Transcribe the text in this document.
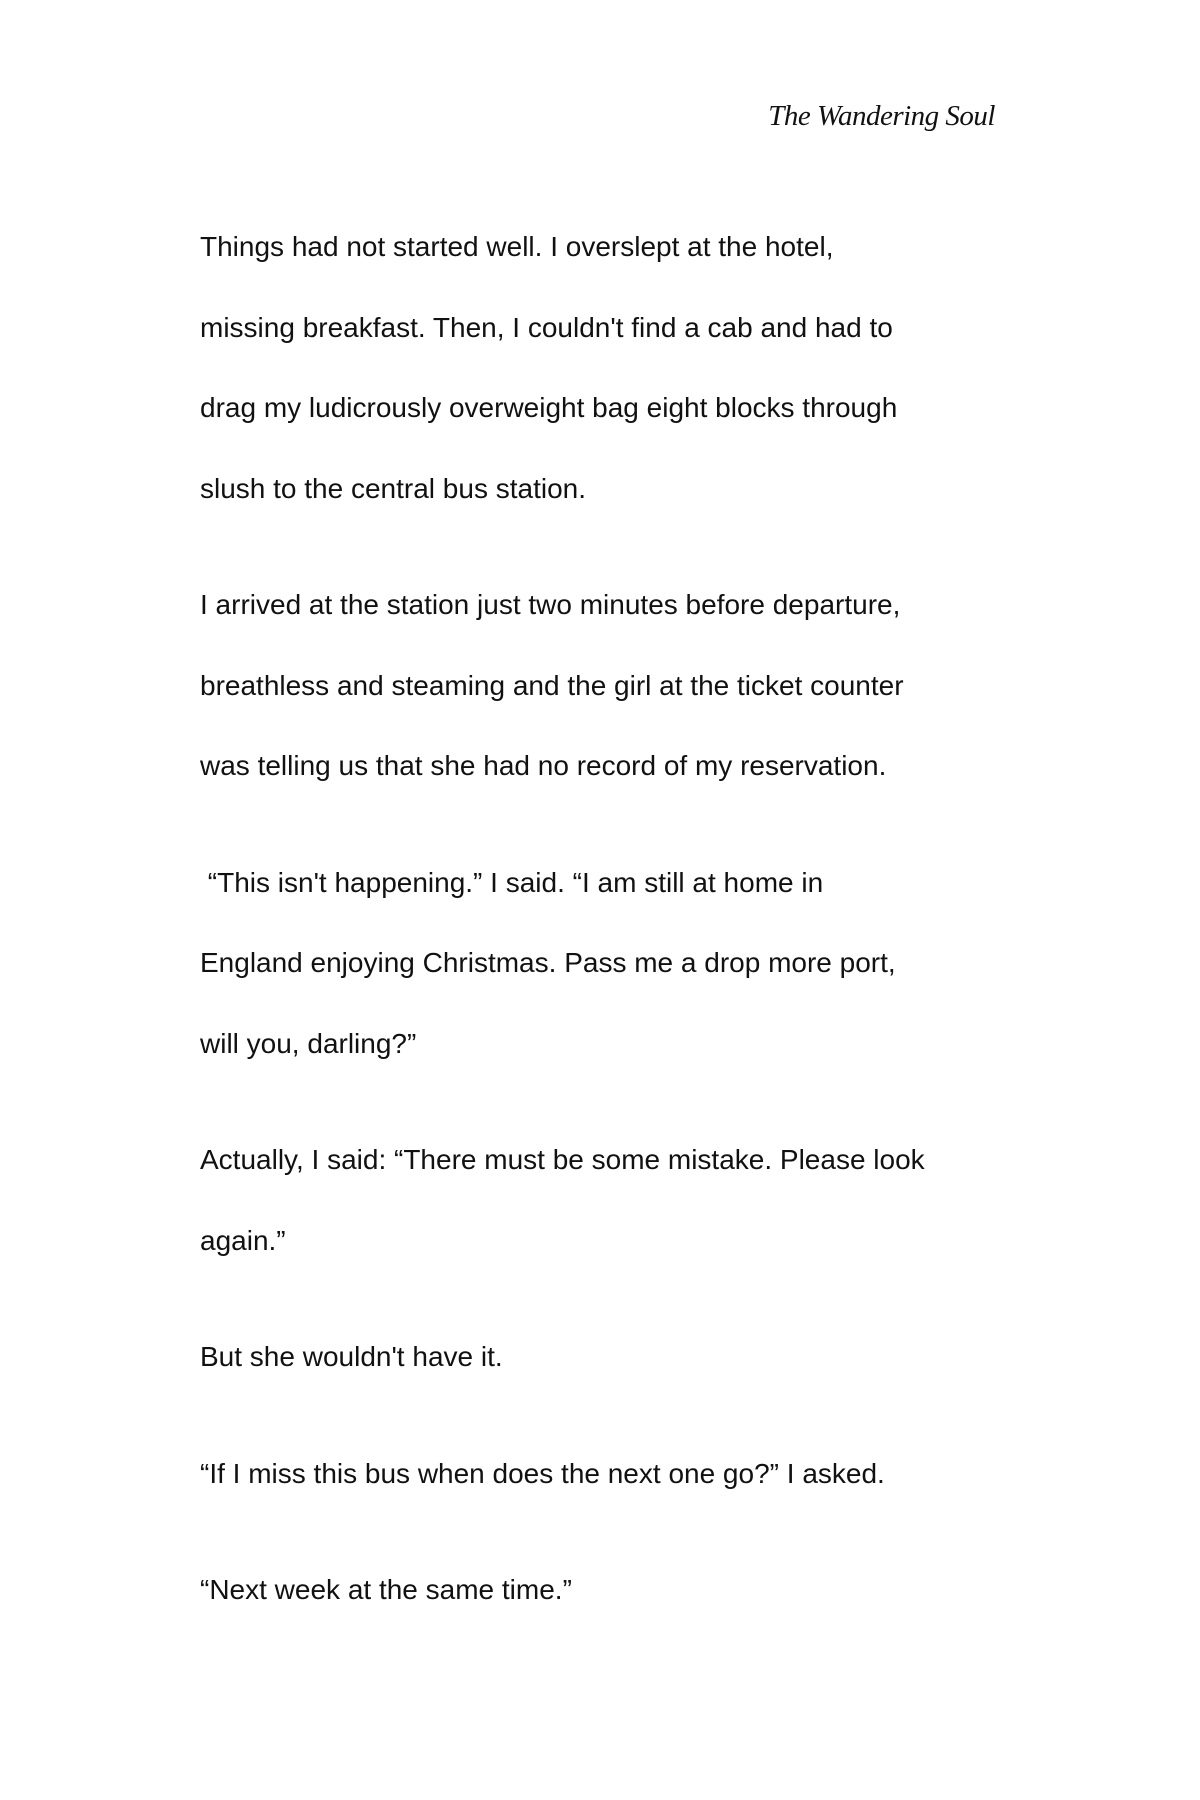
The Wandering Soul
Things had not started well. I overslept at the hotel,
missing breakfast. Then, I couldn't find a cab and had to
drag my ludicrously overweight bag eight blocks through
slush to the central bus station.
I arrived at the station just two minutes before departure,
breathless and steaming and the girl at the ticket counter
was telling us that she had no record of my reservation.
“This isn't happening.” I said. “I am still at home in
England enjoying Christmas. Pass me a drop more port,
will you, darling?”
Actually, I said: “There must be some mistake. Please look
again.”
But she wouldn't have it.
“If I miss this bus when does the next one go?” I asked.
“Next week at the same time.”
